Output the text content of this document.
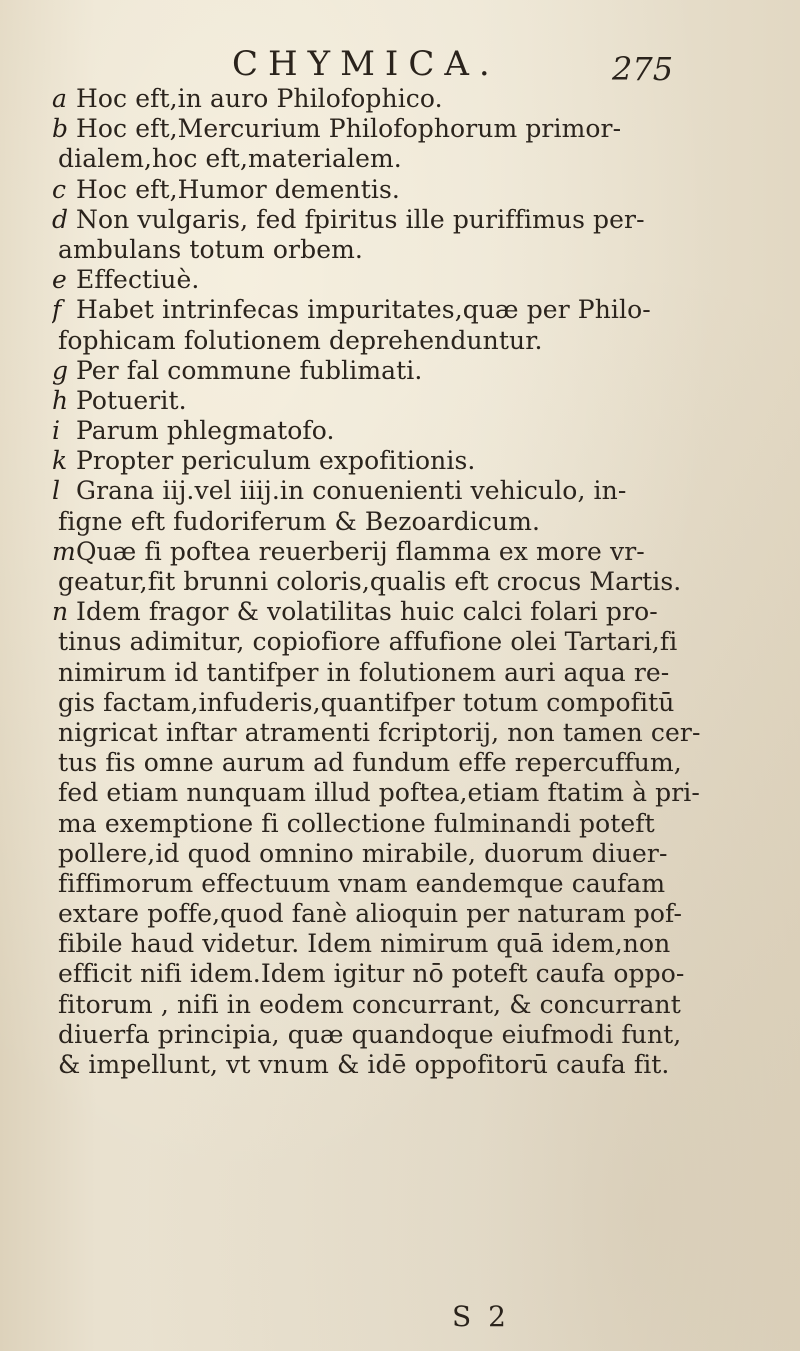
CHYMICA.	275
a Hoc eft,in auro Philofophico.
b Hoc eft,Mercurium Philofophorum primor-
dialem,hoc eft,materialem.
c Hoc eft,Humor dementis.
d Non vulgaris, fed fpiritus ille puriffimus per-
ambulans totum orbem.
e Effectiuè.
f Habet intrinfecas impuritates,quæ per Philo-
fophicam folutionem deprehenduntur.
g Per fal commune fublimati.
h Potuerit.
i Parum phlegmatofo.
k Propter periculum expofitionis.
l Grana iij.vel iiij.in conuenienti vehiculo, in-
figne eft fudoriferum & Bezoardicum.
mQuæ fi poftea reuerberij flamma ex more vr-
geatur,fit brunni coloris,qualis eft crocus Martis.
n Idem fragor & volatilitas huic calci folari pro-
tinus adimitur, copiofiore affufione olei Tartari,fi
nimirum id tantifper in folutionem auri aqua re-
gis factam,infuderis,quantifper totum compofitū
nigricat inftar atramenti fcriptorij, non tamen cer-
tus fis omne aurum ad fundum effe repercuffum,
fed etiam nunquam illud poftea,etiam ftatim à pri-
ma exemptione fi collectione fulminandi poteft
pollere,id quod omnino mirabile, duorum diuer-
fiffimorum effectuum vnam eandemque caufam
extare poffe,quod fanè alioquin per naturam pof-
fibile haud videtur. Idem nimirum quā idem,non
efficit nifi idem.Idem igitur nō poteft caufa oppo-
fitorum , nifi in eodem concurrant, & concurrant
diuerfa principia, quæ quandoque eiufmodi funt,
& impellunt, vt vnum & idē oppofitorū caufa fit.
S 2
